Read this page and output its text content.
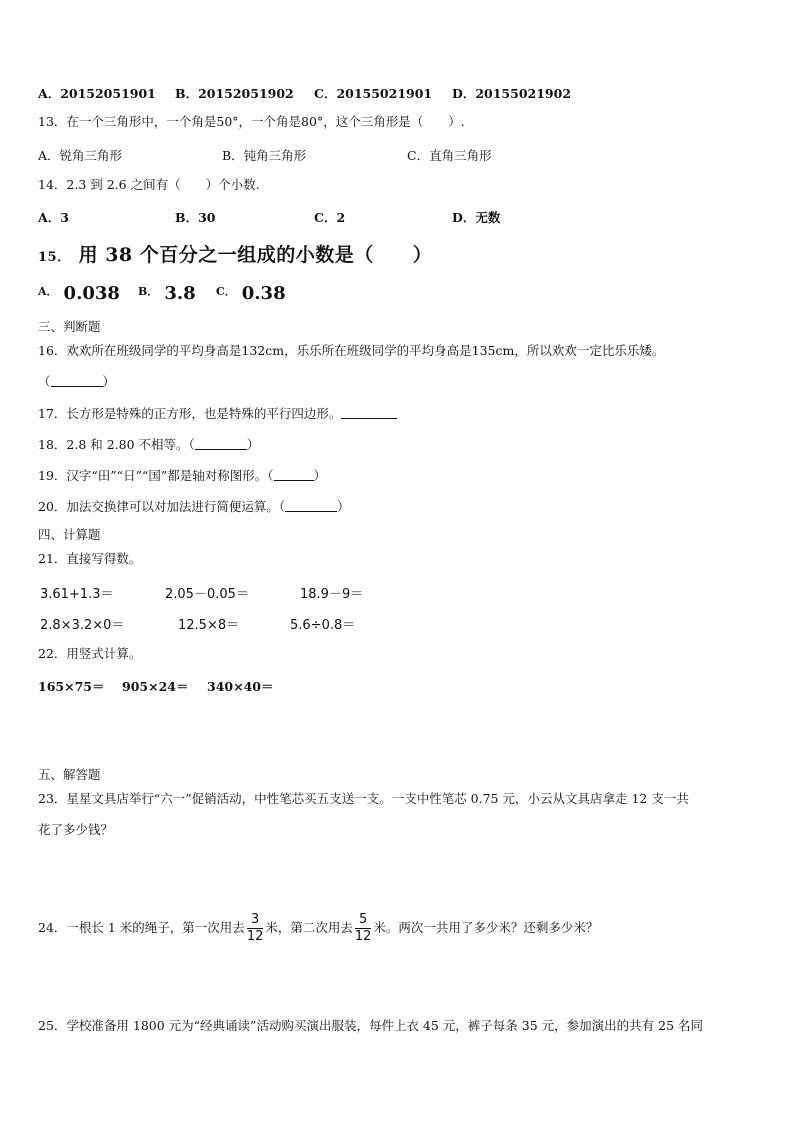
A．20152051901 B．20152051902 C．20155021901 D．20155021902
13．在一个三角形中，一个角是50°，一个角是80°，这个三角形是（　　）.
A．锐角三角形	B．钝角三角形	C．直角三角形
14．2.3 到 2.6 之间有（　　）个小数.
A．3	B．30	C．2	D．无数
15． 用 38 个百分之一组成的小数是（　　）
$^{A.}$ 0.038 $^{B.}$ 3.8 $^{C.}$ 0.38
三、判断题
16．欢欢所在班级同学的平均身高是132cm，乐乐所在班级同学的平均身高是135cm，所以欢欢一定比乐乐矮。
（	）
17．长方形是特殊的正方形，也是特殊的平行四边形。
18．2.8 和 2.80 不相等。（	）
19．汉字“田”“日”“国”都是轴对称图形。（	）
20．加法交换律可以对加法进行简便运算。（	）
四、计算题
21．直接写得数。
3.61+1.3＝	2.05－0.05＝	18.9－9＝
2.8×3.2×0＝	12.5×8＝	5.6÷0.8＝
22．用竖式计算。
165×75＝ 905×24＝ 340×40＝
五、解答题
23．星星文具店举行“六一”促销活动，中性笔芯买五支送一支。一支中性笔芯 0.75 元，小云从文具店拿走 12 支一共
花了多少钱？
24．一根长 1 米的绳子，第一次用去 $\frac{3}{12}$ 米，第二次用去 $\frac{5}{12}$ 米。两次一共用了多少米？还剩多少米？
25．学校准备用 1800 元为“经典诵读”活动购买演出服装，每件上衣 45 元，裤子每条 35 元，参加演出的共有 25 名同
